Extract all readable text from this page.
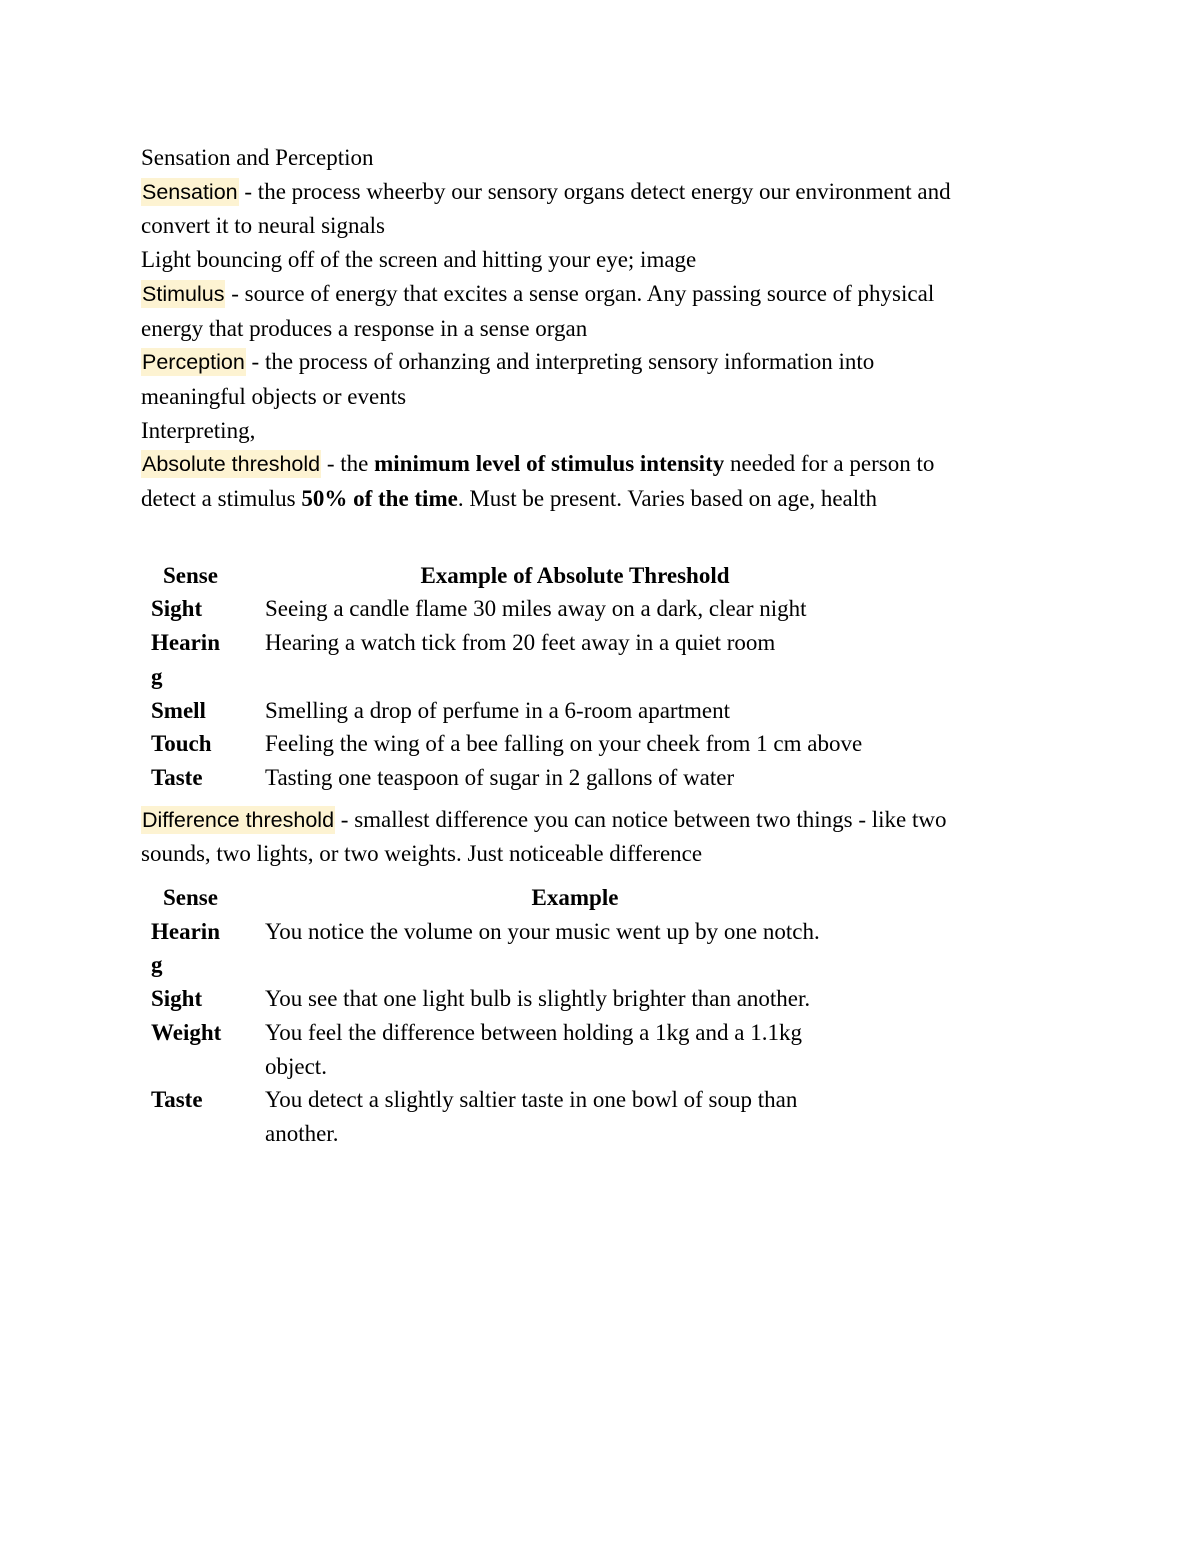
Sensation and Perception
Sensation - the process wheerby our sensory organs detect energy our environment and
convert it to neural signals
Light bouncing off of the screen and hitting your eye; image
Stimulus - source of energy that excites a sense organ. Any passing source of physical
energy that produces a response in a sense organ
Perception - the process of orhanzing and interpreting sensory information into
meaningful objects or events
Interpreting,
Absolute threshold - the minimum level of stimulus intensity needed for a person to
detect a stimulus 50% of the time. Must be present. Varies based on age, health
Sense	Example of Absolute Threshold

Sight	Seeing a candle flame 30 miles away on a dark, clear night

Hearing	Hearing a watch tick from 20 feet away in a quiet room

Smell	Smelling a drop of perfume in a 6-room apartment

Touch	Feeling the wing of a bee falling on your cheek from 1 cm above

Taste	Tasting one teaspoon of sugar in 2 gallons of water
Difference threshold - smallest difference you can notice between two things - like two
sounds, two lights, or two weights. Just noticeable difference
Sense	Example

Hearing	You notice the volume on your music went up by one notch.

Sight	You see that one light bulb is slightly brighter than another.

Weight	You feel the difference between holding a 1kg and a 1.1kg object.

Taste	You detect a slightly saltier taste in one bowl of soup than another.
